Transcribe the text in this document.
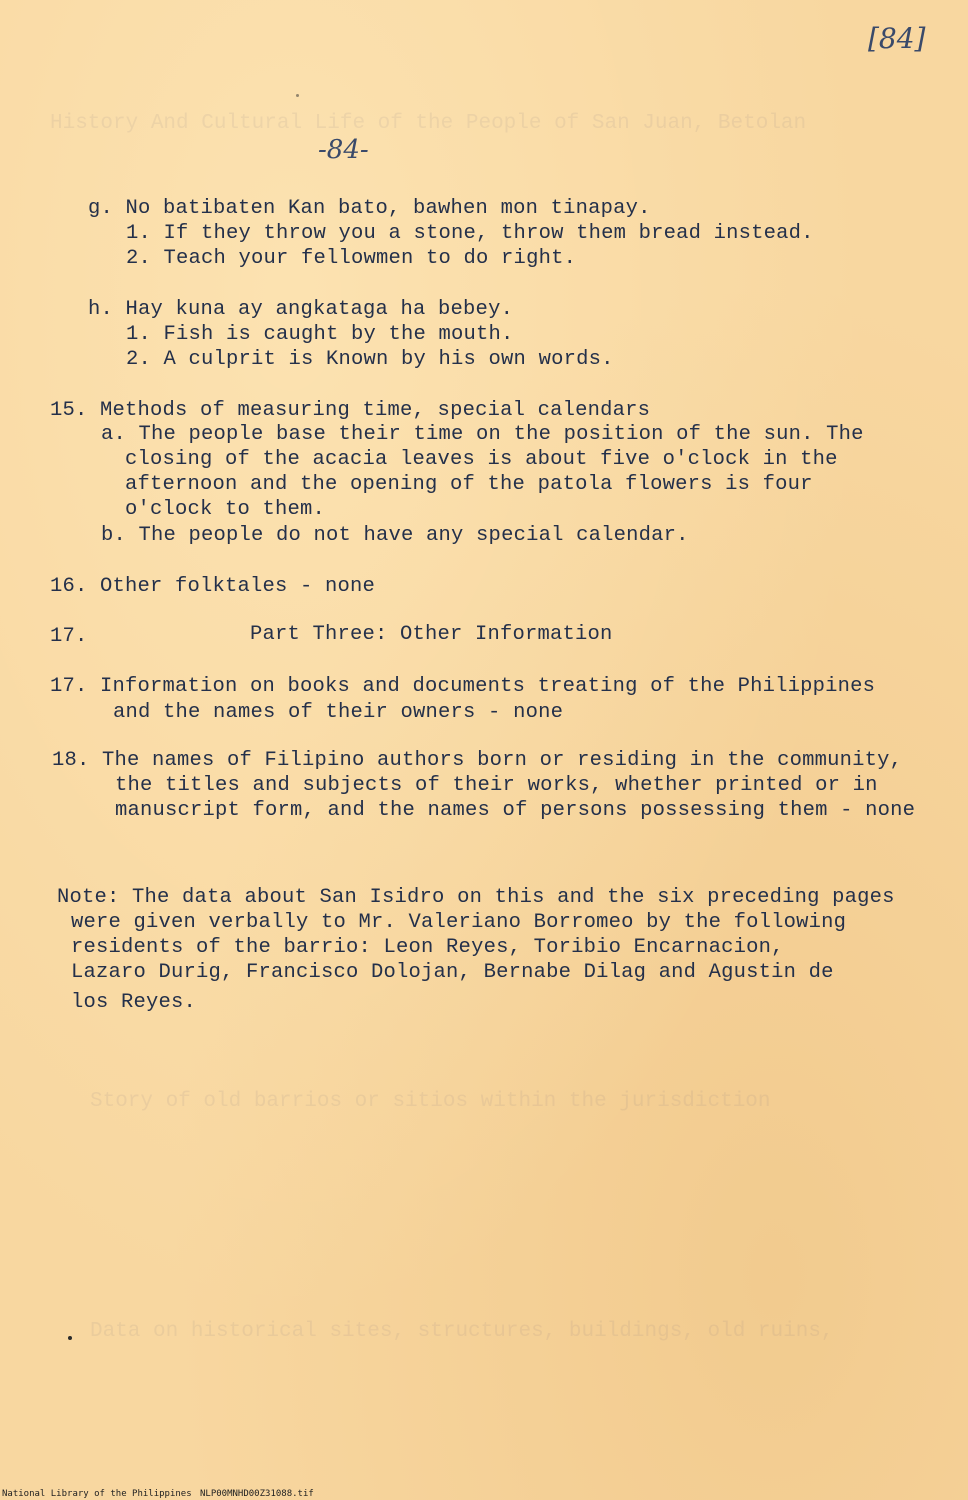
History And Cultural Life of the People of San Juan, Betolan
Story of old barrios or sitios within the jurisdiction
Data on historical sites, structures, buildings, old ruins,
-84-
[84]
g. No batibaten Kan bato, bawhen mon tinapay.
1. If they throw you a stone, throw them bread instead.
2. Teach your fellowmen to do right.
h. Hay kuna ay angkataga ha bebey.
1. Fish is caught by the mouth.
2. A culprit is Known by his own words.
15. Methods of measuring time, special calendars
a. The people base their time on the position of the sun. The
closing of the acacia leaves is about five o'clock in the
afternoon and the opening of the patola flowers is four
o'clock to them.
b. The people do not have any special calendar.
16. Other folktales - none
17.	Part Three: Other Information
17. Information on books and documents treating of the Philippines
and the names of their owners - none
18. The names of Filipino authors born or residing in the community,
the titles and subjects of their works, whether printed or in
manuscript form, and the names of persons possessing them - none
Note: The data about San Isidro on this and the six preceding pages
were given verbally to Mr. Valeriano Borromeo by the following
residents of the barrio: Leon Reyes, Toribio Encarnacion,
Lazaro Durig, Francisco Dolojan, Bernabe Dilag and Agustin de
los Reyes.
National Library of the Philippines NLP00MNHD00Z31088.tif
